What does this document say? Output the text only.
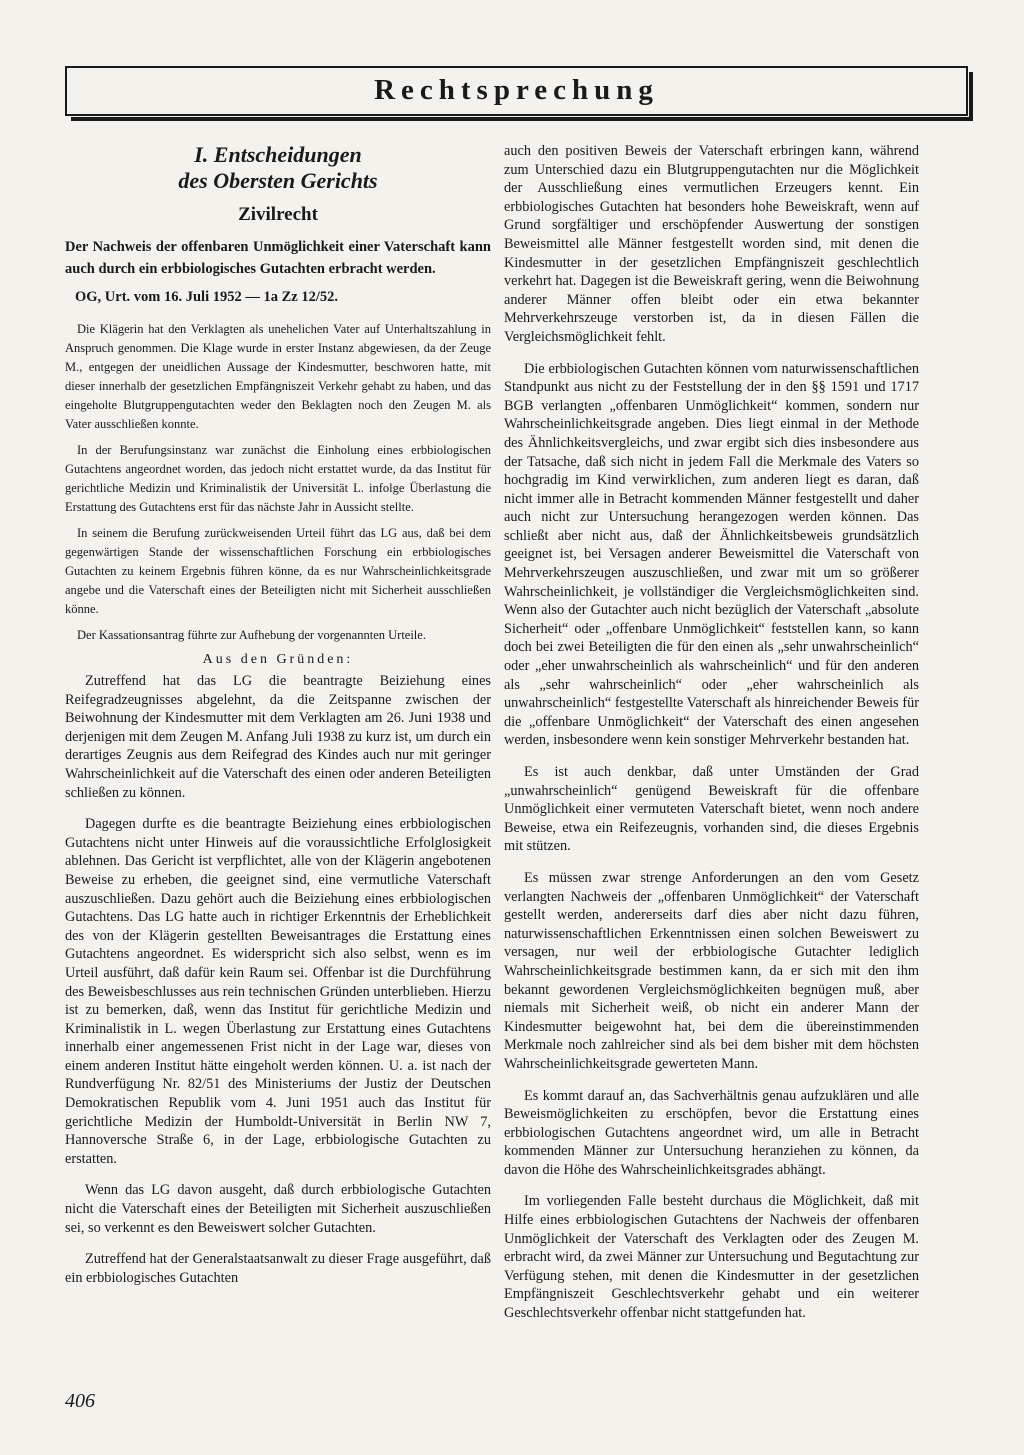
Rechtsprechung
I. Entscheidungen
des Obersten Gerichts
Zivilrecht
Der Nachweis der offenbaren Unmöglichkeit einer Vaterschaft kann auch durch ein erbbiologisches Gutachten erbracht werden.
OG, Urt. vom 16. Juli 1952 — 1a Zz 12/52.

Die Klägerin hat den Verklagten als unehelichen Vater auf Unterhaltszahlung in Anspruch genommen. Die Klage wurde in erster Instanz abgewiesen, da der Zeuge M., entgegen der uneidlichen Aussage der Kindesmutter, beschworen hatte, mit dieser innerhalb der gesetzlichen Empfängniszeit Verkehr gehabt zu haben, und das eingeholte Blutgruppengutachten weder den Beklagten noch den Zeugen M. als Vater ausschließen konnte.

In der Berufungsinstanz war zunächst die Einholung eines erbbiologischen Gutachtens angeordnet worden, das jedoch nicht erstattet wurde, da das Institut für gerichtliche Medizin und Kriminalistik der Universität L. infolge Überlastung die Erstattung des Gutachtens erst für das nächste Jahr in Aussicht stellte.

In seinem die Berufung zurückweisenden Urteil führt das LG aus, daß bei dem gegenwärtigen Stande der wissenschaftlichen Forschung ein erbbiologisches Gutachten zu keinem Ergebnis führen könne, da es nur Wahrscheinlichkeitsgrade angebe und die Vaterschaft eines der Beteiligten nicht mit Sicherheit ausschließen könne.

Der Kassationsantrag führte zur Aufhebung der vorgenannten Urteile.

Aus den Gründen:

Zutreffend hat das LG die beantragte Beiziehung eines Reifegradzeugnisses abgelehnt, da die Zeitspanne zwischen der Beiwohnung der Kindesmutter mit dem Verklagten am 26. Juni 1938 und derjenigen mit dem Zeugen M. Anfang Juli 1938 zu kurz ist, um durch ein derartiges Zeugnis aus dem Reifegrad des Kindes auch nur mit geringer Wahrscheinlichkeit auf die Vaterschaft des einen oder anderen Beteiligten schließen zu können.

Dagegen durfte es die beantragte Beiziehung eines erbbiologischen Gutachtens nicht unter Hinweis auf die voraussichtliche Erfolglosigkeit ablehnen. Das Gericht ist verpflichtet, alle von der Klägerin angebotenen Beweise zu erheben, die geeignet sind, eine vermutliche Vaterschaft auszuschließen. Dazu gehört auch die Beiziehung eines erbbiologischen Gutachtens. Das LG hatte auch in richtiger Erkenntnis der Erheblichkeit des von der Klägerin gestellten Beweisantrages die Erstattung eines Gutachtens angeordnet. Es widerspricht sich also selbst, wenn es im Urteil ausführt, daß dafür kein Raum sei. Offenbar ist die Durchführung des Beweisbeschlusses aus rein technischen Gründen unterblieben. Hierzu ist zu bemerken, daß, wenn das Institut für gerichtliche Medizin und Kriminalistik in L. wegen Überlastung zur Erstattung eines Gutachtens innerhalb einer angemessenen Frist nicht in der Lage war, dieses von einem anderen Institut hätte eingeholt werden können. U. a. ist nach der Rundverfügung Nr. 82/51 des Ministeriums der Justiz der Deutschen Demokratischen Republik vom 4. Juni 1951 auch das Institut für gerichtliche Medizin der Humboldt-Universität in Berlin NW 7, Hannoversche Straße 6, in der Lage, erbbiologische Gutachten zu erstatten.

Wenn das LG davon ausgeht, daß durch erbbiologische Gutachten nicht die Vaterschaft eines der Beteiligten mit Sicherheit auszuschließen sei, so verkennt es den Beweiswert solcher Gutachten.

Zutreffend hat der Generalstaatsanwalt zu dieser Frage ausgeführt, daß ein erbbiologisches Gutachten

auch den positiven Beweis der Vaterschaft erbringen kann, während zum Unterschied dazu ein Blutgruppengutachten nur die Möglichkeit der Ausschließung eines vermutlichen Erzeugers kennt. Ein erbbiologisches Gutachten hat besonders hohe Beweiskraft, wenn auf Grund sorgfältiger und erschöpfender Auswertung der sonstigen Beweismittel alle Männer festgestellt worden sind, mit denen die Kindesmutter in der gesetzlichen Empfängniszeit geschlechtlich verkehrt hat. Dagegen ist die Beweiskraft gering, wenn die Beiwohnung anderer Männer offen bleibt oder ein etwa bekannter Mehrverkehrszeuge verstorben ist, da in diesen Fällen die Vergleichsmöglichkeit fehlt.

Die erbbiologischen Gutachten können vom naturwissenschaftlichen Standpunkt aus nicht zu der Feststellung der in den §§ 1591 und 1717 BGB verlangten „offenbaren Unmöglichkeit“ kommen, sondern nur Wahrscheinlichkeitsgrade angeben. Dies liegt einmal in der Methode des Ähnlichkeitsvergleichs, und zwar ergibt sich dies insbesondere aus der Tatsache, daß sich nicht in jedem Fall die Merkmale des Vaters so hochgradig im Kind verwirklichen, zum anderen liegt es daran, daß nicht immer alle in Betracht kommenden Männer festgestellt und daher auch nicht zur Untersuchung herangezogen werden können. Das schließt aber nicht aus, daß der Ähnlichkeitsbeweis grundsätzlich geeignet ist, bei Versagen anderer Beweismittel die Vaterschaft von Mehrverkehrszeugen auszuschließen, und zwar mit um so größerer Wahrscheinlichkeit, je vollständiger die Vergleichsmöglichkeiten sind. Wenn also der Gutachter auch nicht bezüglich der Vaterschaft „absolute Sicherheit“ oder „offenbare Unmöglichkeit“ feststellen kann, so kann doch bei zwei Beteiligten die für den einen als „sehr unwahrscheinlich“ oder „eher unwahrscheinlich als wahrscheinlich“ und für den anderen als „sehr wahrscheinlich“ oder „eher wahrscheinlich als unwahrscheinlich“ festgestellte Vaterschaft als hinreichender Beweis für die „offenbare Unmöglichkeit“ der Vaterschaft des einen angesehen werden, insbesondere wenn kein sonstiger Mehrverkehr bestanden hat.

Es ist auch denkbar, daß unter Umständen der Grad „unwahrscheinlich“ genügend Beweiskraft für die offenbare Unmöglichkeit einer vermuteten Vaterschaft bietet, wenn noch andere Beweise, etwa ein Reifezeugnis, vorhanden sind, die dieses Ergebnis mit stützen.

Es müssen zwar strenge Anforderungen an den vom Gesetz verlangten Nachweis der „offenbaren Unmöglichkeit“ der Vaterschaft gestellt werden, andererseits darf dies aber nicht dazu führen, naturwissenschaftlichen Erkenntnissen einen solchen Beweiswert zu versagen, nur weil der erbbiologische Gutachter lediglich Wahrscheinlichkeitsgrade bestimmen kann, da er sich mit den ihm bekannt gewordenen Vergleichsmöglichkeiten begnügen muß, aber niemals mit Sicherheit weiß, ob nicht ein anderer Mann der Kindesmutter beigewohnt hat, bei dem die übereinstimmenden Merkmale noch zahlreicher sind als bei dem bisher mit dem höchsten Wahrscheinlichkeitsgrade gewerteten Mann.

Es kommt darauf an, das Sachverhältnis genau aufzuklären und alle Beweismöglichkeiten zu erschöpfen, bevor die Erstattung eines erbbiologischen Gutachtens angeordnet wird, um alle in Betracht kommenden Männer zur Untersuchung heranziehen zu können, da davon die Höhe des Wahrscheinlichkeitsgrades abhängt.

Im vorliegenden Falle besteht durchaus die Möglichkeit, daß mit Hilfe eines erbbiologischen Gutachtens der Nachweis der offenbaren Unmöglichkeit der Vaterschaft des Verklagten oder des Zeugen M. erbracht wird, da zwei Männer zur Untersuchung und Begutachtung zur Verfügung stehen, mit denen die Kindesmutter in der gesetzlichen Empfängniszeit Geschlechtsverkehr gehabt und ein weiterer Geschlechtsverkehr offenbar nicht stattgefunden hat.

406
